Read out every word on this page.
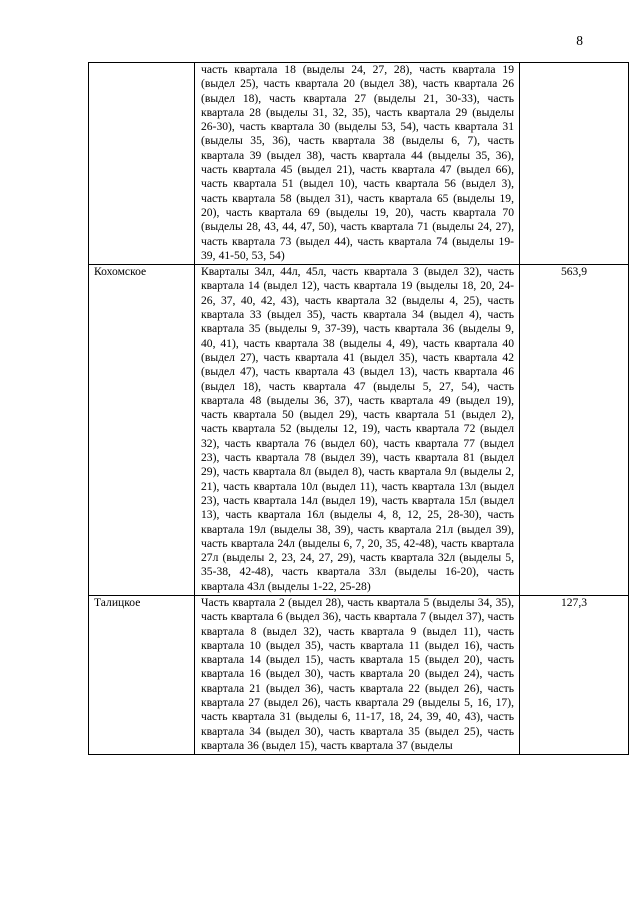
8
	часть квартала 18 (выделы 24, 27, 28), часть квартала 19 (выдел 25), часть квартала 20 (выдел 38), часть квартала 26 (выдел 18), часть квартала 27 (выделы 21, 30-33), часть квартала 28 (выделы 31, 32, 35), часть квартала 29 (выделы 26-30), часть квартала 30 (выделы 53, 54), часть квартала 31 (выделы 35, 36), часть квартала 38 (выделы 6, 7), часть квартала 39 (выдел 38), часть квартала 44 (выделы 35, 36), часть квартала 45 (выдел 21), часть квартала 47 (выдел 66), часть квартала 51 (выдел 10), часть квартала 56 (выдел 3), часть квартала 58 (выдел 31), часть квартала 65 (выделы 19, 20), часть квартала 69 (выделы 19, 20), часть квартала 70 (выделы 28, 43, 44, 47, 50), часть квартала 71 (выделы 24, 27), часть квартала 73 (выдел 44), часть квартала 74 (выделы 19-39, 41-50, 53, 54)	
Кохомское	Кварталы 34л, 44л, 45л, часть квартала 3 (выдел 32), часть квартала 14 (выдел 12), часть квартала 19 (выделы 18, 20, 24-26, 37, 40, 42, 43), часть квартала 32 (выделы 4, 25), часть квартала 33 (выдел 35), часть квартала 34 (выдел 4), часть квартала 35 (выделы 9, 37-39), часть квартала 36 (выделы 9, 40, 41), часть квартала 38 (выделы 4, 49), часть квартала 40 (выдел 27), часть квартала 41 (выдел 35), часть квартала 42 (выдел 47), часть квартала 43 (выдел 13), часть квартала 46 (выдел 18), часть квартала 47 (выделы 5, 27, 54), часть квартала 48 (выделы 36, 37), часть квартала 49 (выдел 19), часть квартала 50 (выдел 29), часть квартала 51 (выдел 2), часть квартала 52 (выделы 12, 19), часть квартала 72 (выдел 32), часть квартала 76 (выдел 60), часть квартала 77 (выдел 23), часть квартала 78 (выдел 39), часть квартала 81 (выдел 29), часть квартала 8л (выдел 8), часть квартала 9л (выделы 2, 21), часть квартала 10л (выдел 11), часть квартала 13л (выдел 23), часть квартала 14л (выдел 19), часть квартала 15л (выдел 13), часть квартала 16л (выделы 4, 8, 12, 25, 28-30), часть квартала 19л (выделы 38, 39), часть квартала 21л (выдел 39), часть квартала 24л (выделы 6, 7, 20, 35, 42-48), часть квартала 27л (выделы 2, 23, 24, 27, 29), часть квартала 32л (выделы 5, 35-38, 42-48), часть квартала 33л (выделы 16-20), часть квартала 43л (выделы 1-22, 25-28)	563,9
Талицкое	Часть квартала 2 (выдел 28), часть квартала 5 (выделы 34, 35), часть квартала 6 (выдел 36), часть квартала 7 (выдел 37), часть квартала 8 (выдел 32), часть квартала 9 (выдел 11), часть квартала 10 (выдел 35), часть квартала 11 (выдел 16), часть квартала 14 (выдел 15), часть квартала 15 (выдел 20), часть квартала 16 (выдел 30), часть квартала 20 (выдел 24), часть квартала 21 (выдел 36), часть квартала 22 (выдел 26), часть квартала 27 (выдел 26), часть квартала 29 (выделы 5, 16, 17), часть квартала 31 (выделы 6, 11-17, 18, 24, 39, 40, 43), часть квартала 34 (выдел 30), часть квартала 35 (выдел 25), часть квартала 36 (выдел 15), часть квартала 37 (выделы	127,3
